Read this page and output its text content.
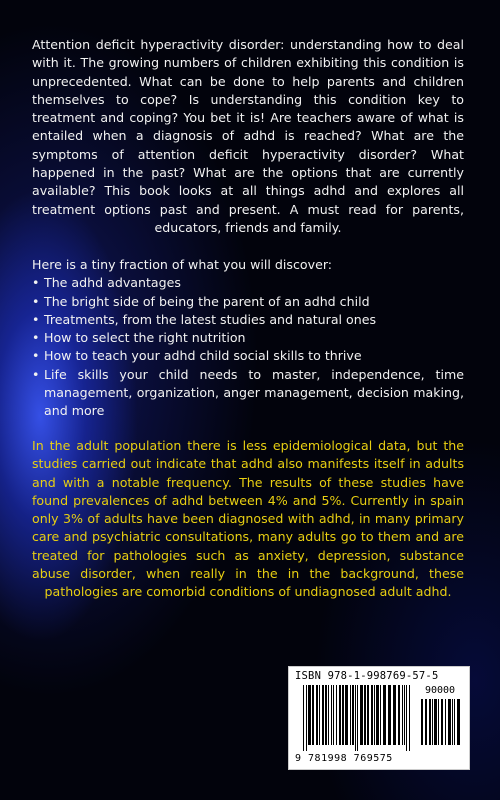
Attention deficit hyperactivity disorder: understanding how to deal with it. The growing numbers of children exhibiting this condition is unprecedented. What can be done to help parents and children themselves to cope? Is understanding this condition key to treatment and coping? You bet it is! Are teachers aware of what is entailed when a diagnosis of adhd is reached? What are the symptoms of attention deficit hyperactivity disorder? What happened in the past? What are the options that are currently available? This book looks at all things adhd and explores all treatment options past and present. A must read for parents, educators, friends and family.

Here is a tiny fraction of what you will discover:

• The adhd advantages
• The bright side of being the parent of an adhd child
• Treatments, from the latest studies and natural ones
• How to select the right nutrition
• How to teach your adhd child social skills to thrive
• Life skills your child needs to master, independence, time management, organization, anger management, decision making, and more
In the adult population there is less epidemiological data, but the studies carried out indicate that adhd also manifests itself in adults and with a notable frequency. The results of these studies have found prevalences of adhd between 4% and 5%. Currently in spain only 3% of adults have been diagnosed with adhd, in many primary care and psychiatric consultations, many adults go to them and are treated for pathologies such as anxiety, depression, substance abuse disorder, when really in the in the background, these pathologies are comorbid conditions of undiagnosed adult adhd.
ISBN 978-1-998769-57-5
90000
9 781998 769575
